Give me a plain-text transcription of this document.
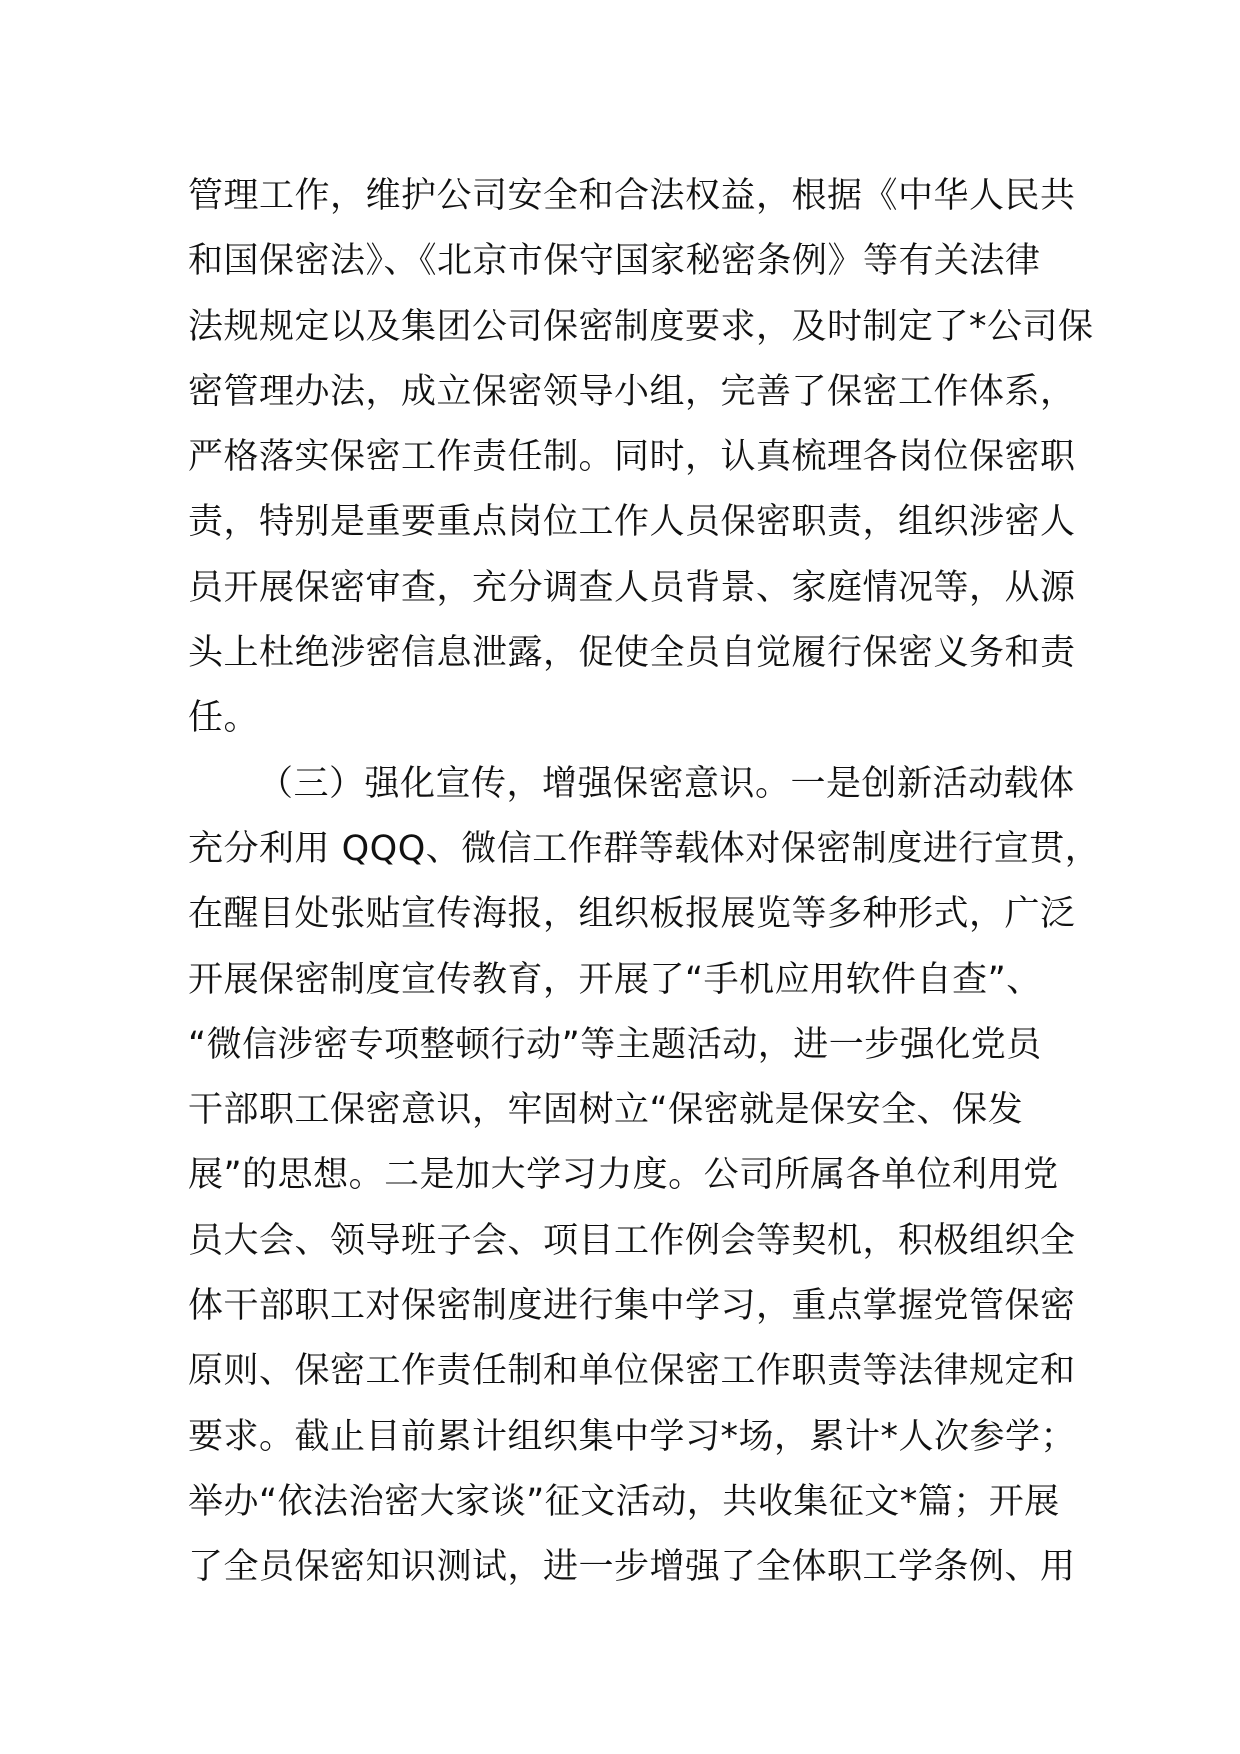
管理工作，维护公司安全和合法权益，根据《中华人民共
和国保密法》、《北京市保守国家秘密条例》等有关法律
法规规定以及集团公司保密制度要求，及时制定了*公司保
密管理办法，成立保密领导小组，完善了保密工作体系，
严格落实保密工作责任制。同时，认真梳理各岗位保密职
责，特别是重要重点岗位工作人员保密职责，组织涉密人
员开展保密审查，充分调查人员背景、家庭情况等，从源
头上杜绝涉密信息泄露，促使全员自觉履行保密义务和责
任。
（三）强化宣传，增强保密意识。一是创新活动载体
充分利用 QQQ、微信工作群等载体对保密制度进行宣贯，
在醒目处张贴宣传海报，组织板报展览等多种形式，广泛
开展保密制度宣传教育，开展了“手机应用软件自查”、
“微信涉密专项整顿行动”等主题活动，进一步强化党员
干部职工保密意识，牢固树立“保密就是保安全、保发
展”的思想。二是加大学习力度。公司所属各单位利用党
员大会、领导班子会、项目工作例会等契机，积极组织全
体干部职工对保密制度进行集中学习，重点掌握党管保密
原则、保密工作责任制和单位保密工作职责等法律规定和
要求。截止目前累计组织集中学习*场，累计*人次参学；
举办“依法治密大家谈”征文活动，共收集征文*篇；开展
了全员保密知识测试，进一步增强了全体职工学条例、用
